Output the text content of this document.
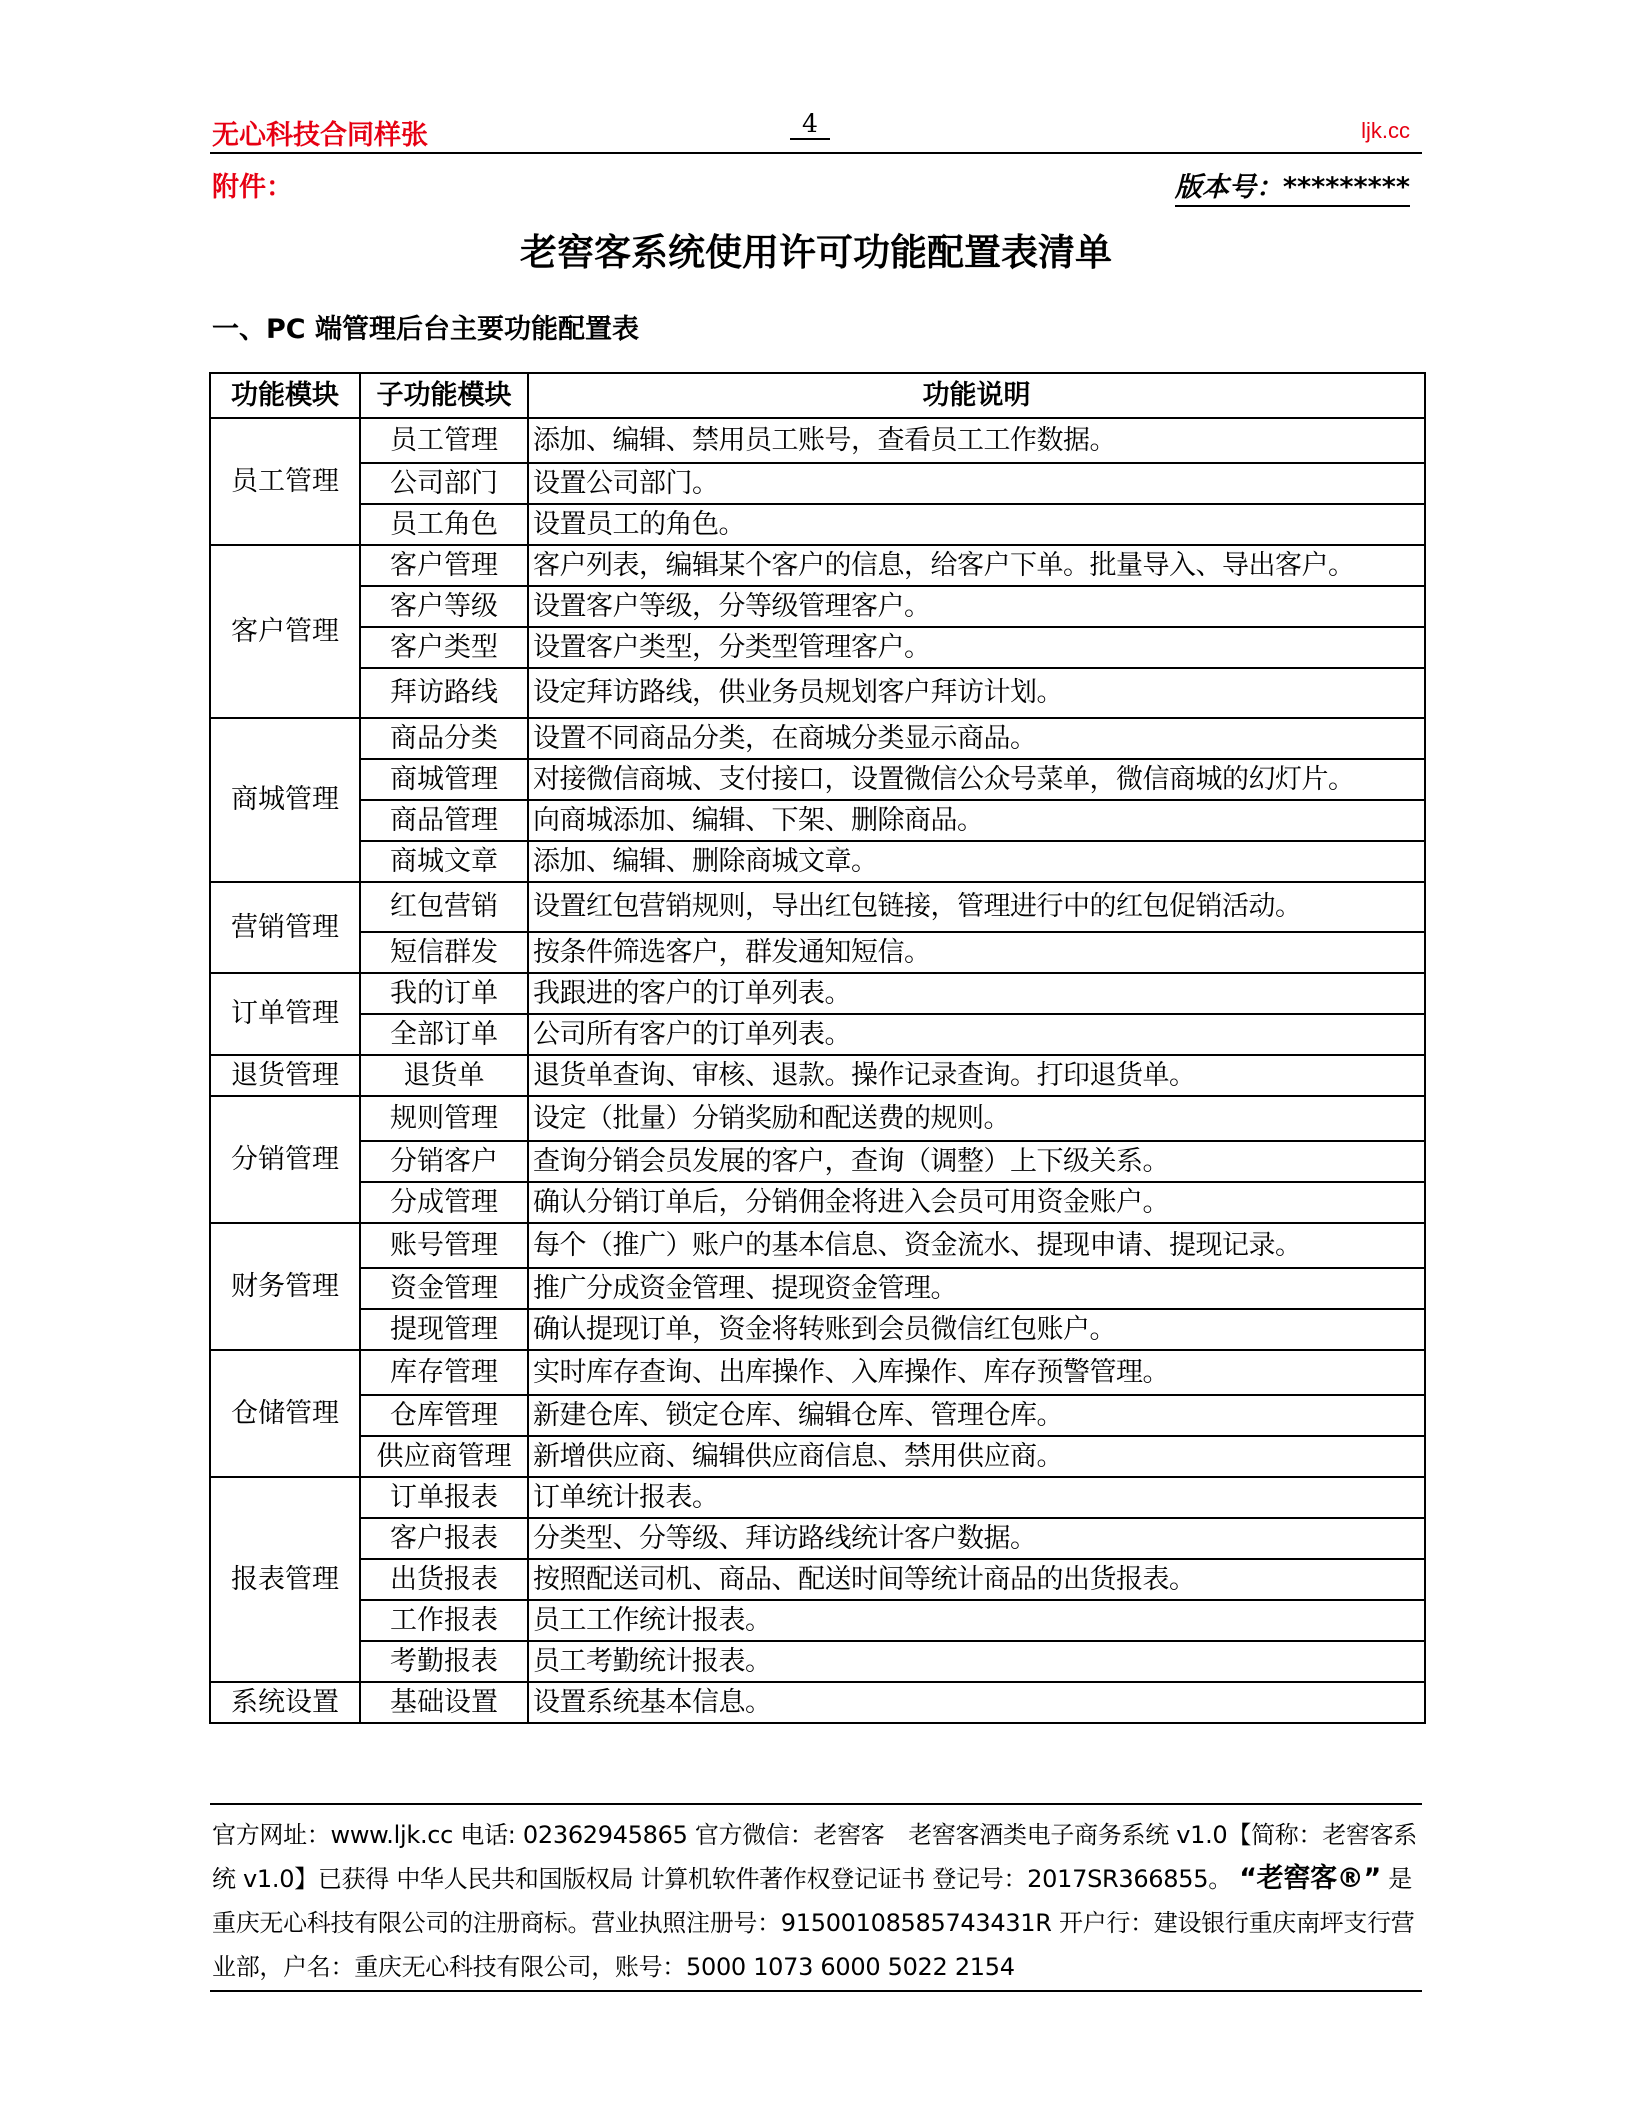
无心科技合同样张	4	ljk.cc
附件：	版本号：*********
老窖客系统使用许可功能配置表清单
一、PC 端管理后台主要功能配置表
功能模块	子功能模块	功能说明
员工管理	员工管理	添加、编辑、禁用员工账号，查看员工工作数据。
	公司部门	设置公司部门。
	员工角色	设置员工的角色。
客户管理	客户管理	客户列表，编辑某个客户的信息，给客户下单。批量导入、导出客户。
	客户等级	设置客户等级，分等级管理客户。
	客户类型	设置客户类型，分类型管理客户。
	拜访路线	设定拜访路线，供业务员规划客户拜访计划。
商城管理	商品分类	设置不同商品分类，在商城分类显示商品。
	商城管理	对接微信商城、支付接口，设置微信公众号菜单，微信商城的幻灯片。
	商品管理	向商城添加、编辑、下架、删除商品。
	商城文章	添加、编辑、删除商城文章。
营销管理	红包营销	设置红包营销规则，导出红包链接，管理进行中的红包促销活动。
	短信群发	按条件筛选客户，群发通知短信。
订单管理	我的订单	我跟进的客户的订单列表。
	全部订单	公司所有客户的订单列表。
退货管理	退货单	退货单查询、审核、退款。操作记录查询。打印退货单。
分销管理	规则管理	设定（批量）分销奖励和配送费的规则。
	分销客户	查询分销会员发展的客户，查询（调整）上下级关系。
	分成管理	确认分销订单后，分销佣金将进入会员可用资金账户。
财务管理	账号管理	每个（推广）账户的基本信息、资金流水、提现申请、提现记录。
	资金管理	推广分成资金管理、提现资金管理。
	提现管理	确认提现订单，资金将转账到会员微信红包账户。
仓储管理	库存管理	实时库存查询、出库操作、入库操作、库存预警管理。
	仓库管理	新建仓库、锁定仓库、编辑仓库、管理仓库。
	供应商管理	新增供应商、编辑供应商信息、禁用供应商。
报表管理	订单报表	订单统计报表。
	客户报表	分类型、分等级、拜访路线统计客户数据。
	出货报表	按照配送司机、商品、配送时间等统计商品的出货报表。
	工作报表	员工工作统计报表。
	考勤报表	员工考勤统计报表。
系统设置	基础设置	设置系统基本信息。
官方网址：www.ljk.cc 电话: 02362945865 官方微信：老窖客　老窖客酒类电子商务系统 v1.0【简称：老窖客系统 v1.0】已获得 中华人民共和国版权局 计算机软件著作权登记证书 登记号：2017SR366855。 “老窖客®” 是重庆无心科技有限公司的注册商标。营业执照注册号：91500108585743431R 开户行：建设银行重庆南坪支行营业部，户名：重庆无心科技有限公司，账号：5000 1073 6000 5022 2154
